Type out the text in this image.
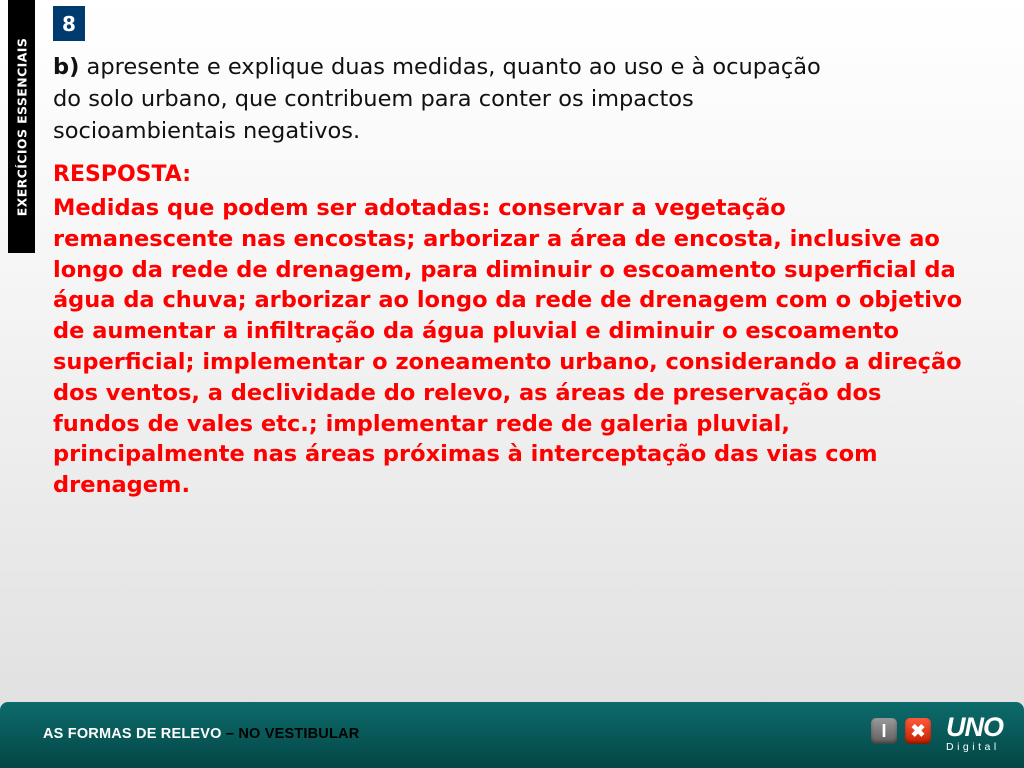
EXERCÍCIOS ESSENCIAIS
8
b) apresente e explique duas medidas, quanto ao uso e à ocupação do solo urbano, que contribuem para conter os impactos socioambientais negativos.
RESPOSTA:
Medidas que podem ser adotadas: conservar a vegetação remanescente nas encostas; arborizar a área de encosta, inclusive ao longo da rede de drenagem, para diminuir o escoamento superficial da água da chuva; arborizar ao longo da rede de drenagem com o objetivo de aumentar a infiltração da água pluvial e diminuir o escoamento superficial; implementar o zoneamento urbano, considerando a direção dos ventos, a declividade do relevo, as áreas de preservação dos fundos de vales etc.; implementar rede de galeria pluvial, principalmente nas áreas próximas à interceptação das vias com drenagem.
AS FORMAS DE RELEVO – NO VESTIBULAR	I ✖ UNO
Digital
